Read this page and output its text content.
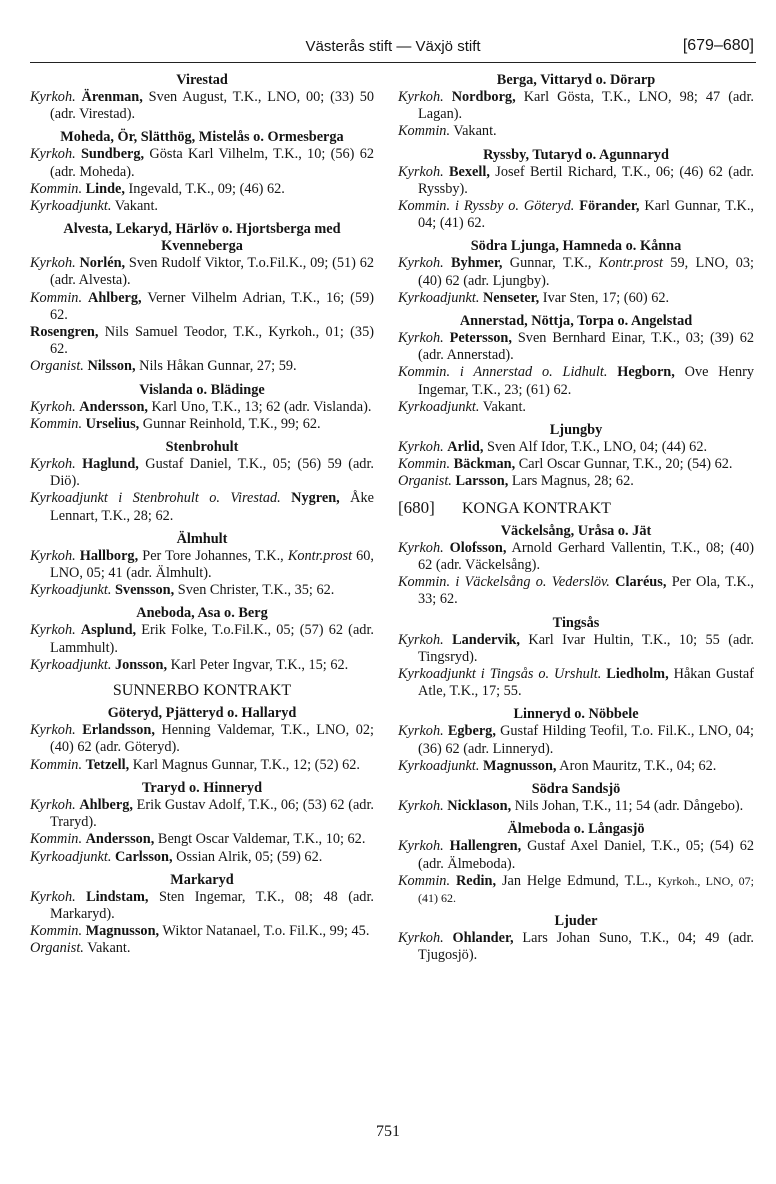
Västerås stift — Växjö stift	[679–680]
Virestad
Kyrkoh. Ärenman, Sven August, T.K., LNO, 00; (33) 50 (adr. Virestad).
Moheda, Ör, Slätthög, Mistelås o. Ormesberga
Kyrkoh. Sundberg, Gösta Karl Vilhelm, T.K., 10; (56) 62 (adr. Moheda).
Kommin. Linde, Ingevald, T.K., 09; (46) 62.
Kyrkoadjunkt. Vakant.
Alvesta, Lekaryd, Härlöv o. Hjortsberga med Kvenneberga
Kyrkoh. Norlén, Sven Rudolf Viktor, T.o.Fil.K., 09; (51) 62 (adr. Alvesta).
Kommin. Ahlberg, Verner Vilhelm Adrian, T.K., 16; (59) 62.
Rosengren, Nils Samuel Teodor, T.K., Kyrkoh., 01; (35) 62.
Organist. Nilsson, Nils Håkan Gunnar, 27; 59.
Vislanda o. Blädinge
Kyrkoh. Andersson, Karl Uno, T.K., 13; 62 (adr. Vislanda).
Kommin. Urselius, Gunnar Reinhold, T.K., 99; 62.
Stenbrohult
Kyrkoh. Haglund, Gustaf Daniel, T.K., 05; (56) 59 (adr. Diö).
Kyrkoadjunkt i Stenbrohult o. Virestad. Nygren, Åke Lennart, T.K., 28; 62.
Älmhult
Kyrkoh. Hallborg, Per Tore Johannes, T.K., Kontr.prost 60, LNO, 05; 41 (adr. Älmhult).
Kyrkoadjunkt. Svensson, Sven Christer, T.K., 35; 62.
Aneboda, Asa o. Berg
Kyrkoh. Asplund, Erik Folke, T.o.Fil.K., 05; (57) 62 (adr. Lammhult).
Kyrkoadjunkt. Jonsson, Karl Peter Ingvar, T.K., 15; 62.
SUNNERBO KONTRAKT
Göteryd, Pjätteryd o. Hallaryd
Kyrkoh. Erlandsson, Henning Valdemar, T.K., LNO, 02; (40) 62 (adr. Göteryd).
Kommin. Tetzell, Karl Magnus Gunnar, T.K., 12; (52) 62.
Traryd o. Hinneryd
Kyrkoh. Ahlberg, Erik Gustav Adolf, T.K., 06; (53) 62 (adr. Traryd).
Kommin. Andersson, Bengt Oscar Valdemar, T.K., 10; 62.
Kyrkoadjunkt. Carlsson, Ossian Alrik, 05; (59) 62.
Markaryd
Kyrkoh. Lindstam, Sten Ingemar, T.K., 08; 48 (adr. Markaryd).
Kommin. Magnusson, Wiktor Natanael, T.o. Fil.K., 99; 45.
Organist. Vakant.
Berga, Vittaryd o. Dörarp
Kyrkoh. Nordborg, Karl Gösta, T.K., LNO, 98; 47 (adr. Lagan).
Kommin. Vakant.
Ryssby, Tutaryd o. Agunnaryd
Kyrkoh. Bexell, Josef Bertil Richard, T.K., 06; (46) 62 (adr. Ryssby).
Kommin. i Ryssby o. Göteryd. Förander, Karl Gunnar, T.K., 04; (41) 62.
Södra Ljunga, Hamneda o. Kånna
Kyrkoh. Byhmer, Gunnar, T.K., Kontr.prost 59, LNO, 03; (40) 62 (adr. Ljungby).
Kyrkoadjunkt. Nenseter, Ivar Sten, 17; (60) 62.
Annerstad, Nöttja, Torpa o. Angelstad
Kyrkoh. Petersson, Sven Bernhard Einar, T.K., 03; (39) 62 (adr. Annerstad).
Kommin. i Annerstad o. Lidhult. Hegborn, Ove Henry Ingemar, T.K., 23; (61) 62.
Kyrkoadjunkt. Vakant.
Ljungby
Kyrkoh. Arlid, Sven Alf Idor, T.K., LNO, 04; (44) 62.
Kommin. Bäckman, Carl Oscar Gunnar, T.K., 20; (54) 62.
Organist. Larsson, Lars Magnus, 28; 62.
[680] KONGA KONTRAKT
Väckelsång, Uråsa o. Jät
Kyrkoh. Olofsson, Arnold Gerhard Vallentin, T.K., 08; (40) 62 (adr. Väckelsång).
Kommin. i Väckelsång o. Vederslöv. Claréus, Per Ola, T.K., 33; 62.
Tingsås
Kyrkoh. Landervik, Karl Ivar Hultin, T.K., 10; 55 (adr. Tingsryd).
Kyrkoadjunkt i Tingsås o. Urshult. Liedholm, Håkan Gustaf Atle, T.K., 17; 55.
Linneryd o. Nöbbele
Kyrkoh. Egberg, Gustaf Hilding Teofil, T.o. Fil.K., LNO, 04; (36) 62 (adr. Linneryd).
Kyrkoadjunkt. Magnusson, Aron Mauritz, T.K., 04; 62.
Södra Sandsjö
Kyrkoh. Nicklason, Nils Johan, T.K., 11; 54 (adr. Dångebo).
Älmeboda o. Långasjö
Kyrkoh. Hallengren, Gustaf Axel Daniel, T.K., 05; (54) 62 (adr. Älmeboda).
Kommin. Redin, Jan Helge Edmund, T.L., Kyrkoh., LNO, 07; (41) 62.
Ljuder
Kyrkoh. Ohlander, Lars Johan Suno, T.K., 04; 49 (adr. Tjugosjö).
751
